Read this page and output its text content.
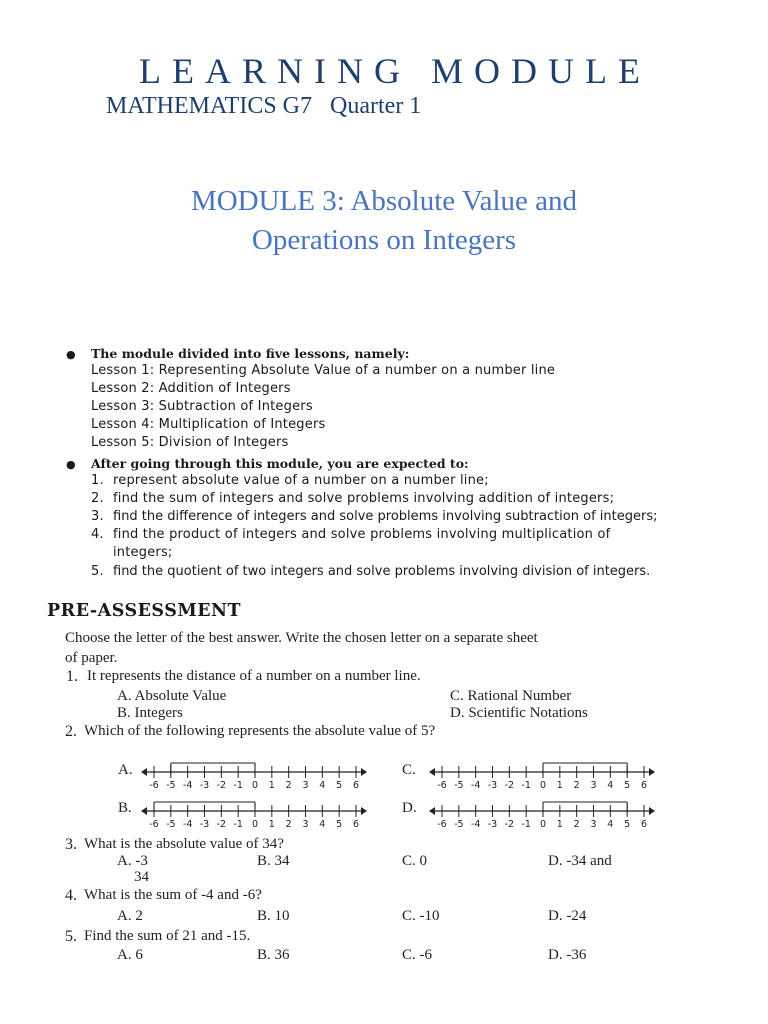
LEARNING MODULE
MATHEMATICS G7   Quarter 1
MODULE 3: Absolute Value and
Operations on Integers
● The module divided into five lessons, namely:
Lesson 1: Representing Absolute Value of a number on a number line
Lesson 2: Addition of Integers
Lesson 3: Subtraction of Integers
Lesson 4: Multiplication of Integers
Lesson 5: Division of Integers
● After going through this module, you are expected to:
1. represent absolute value of a number on a number line;
2. find the sum of integers and solve problems involving addition of integers;
3. find the difference of integers and solve problems involving subtraction of integers;
4. find the product of integers and solve problems involving multiplication of
integers;
5. find the quotient of two integers and solve problems involving division of integers.
PRE-ASSESSMENT
Choose the letter of the best answer. Write the chosen letter on a separate sheet
of paper.
1. It represents the distance of a number on a number line.
A. Absolute Value
B. Integers
C. Rational Number
D. Scientific Notations
2. Which of the following represents the absolute value of 5?
A.
B.
C.
D.
-6 -5 -4 -3 -2 -1 0 1 2 3 4 5 6
-6 -5 -4 -3 -2 -1 0 1 2 3 4 5 6
-6 -5 -4 -3 -2 -1 0 1 2 3 4 5 6
-6 -5 -4 -3 -2 -1 0 1 2 3 4 5 6
3. What is the absolute value of 34?
A. -3	B. 34	C. 0	D. -34 and
34
4. What is the sum of -4 and -6?
A. 2	B. 10	C. -10	D. -24
5. Find the sum of 21 and -15.
A. 6	B. 36	C. -6	D. -36
